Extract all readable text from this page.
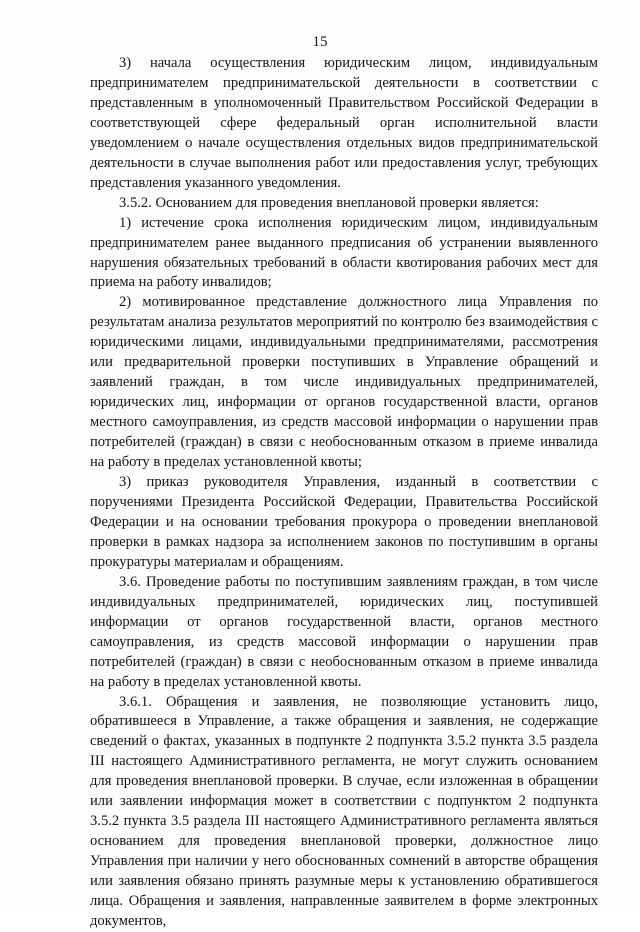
15

3) начала осуществления юридическим лицом, индивидуальным предпринимателем предпринимательской деятельности в соответствии с представленным в уполномоченный Правительством Российской Федерации в соответствующей сфере федеральный орган исполнительной власти уведомлением о начале осуществления отдельных видов предпринимательской деятельности в случае выполнения работ или предоставления услуг, требующих представления указанного уведомления.

3.5.2. Основанием для проведения внеплановой проверки является:

1) истечение срока исполнения юридическим лицом, индивидуальным предпринимателем ранее выданного предписания об устранении выявленного нарушения обязательных требований в области квотирования рабочих мест для приема на работу инвалидов;

2) мотивированное представление должностного лица Управления по результатам анализа результатов мероприятий по контролю без взаимодействия с юридическими лицами, индивидуальными предпринимателями, рассмотрения или предварительной проверки поступивших в Управление обращений и заявлений граждан, в том числе индивидуальных предпринимателей, юридических лиц, информации от органов государственной власти, органов местного самоуправления, из средств массовой информации о нарушении прав потребителей (граждан) в связи с необоснованным отказом в приеме инвалида на работу в пределах установленной квоты;

3) приказ руководителя Управления, изданный в соответствии с поручениями Президента Российской Федерации, Правительства Российской Федерации и на основании требования прокурора о проведении внеплановой проверки в рамках надзора за исполнением законов по поступившим в органы прокуратуры материалам и обращениям.

3.6. Проведение работы по поступившим заявлениям граждан, в том числе индивидуальных предпринимателей, юридических лиц, поступившей информации от органов государственной власти, органов местного самоуправления, из средств массовой информации о нарушении прав потребителей (граждан) в связи с необоснованным отказом в приеме инвалида на работу в пределах установленной квоты.

3.6.1. Обращения и заявления, не позволяющие установить лицо, обратившееся в Управление, а также обращения и заявления, не содержащие сведений о фактах, указанных в подпункте 2 подпункта 3.5.2 пункта 3.5 раздела III настоящего Административного регламента, не могут служить основанием для проведения внеплановой проверки. В случае, если изложенная в обращении или заявлении информация может в соответствии с подпунктом 2 подпункта 3.5.2 пункта 3.5 раздела III настоящего Административного регламента являться основанием для проведения внеплановой проверки, должностное лицо Управления при наличии у него обоснованных сомнений в авторстве обращения или заявления обязано принять разумные меры к установлению обратившегося лица. Обращения и заявления, направленные заявителем в форме электронных документов,
